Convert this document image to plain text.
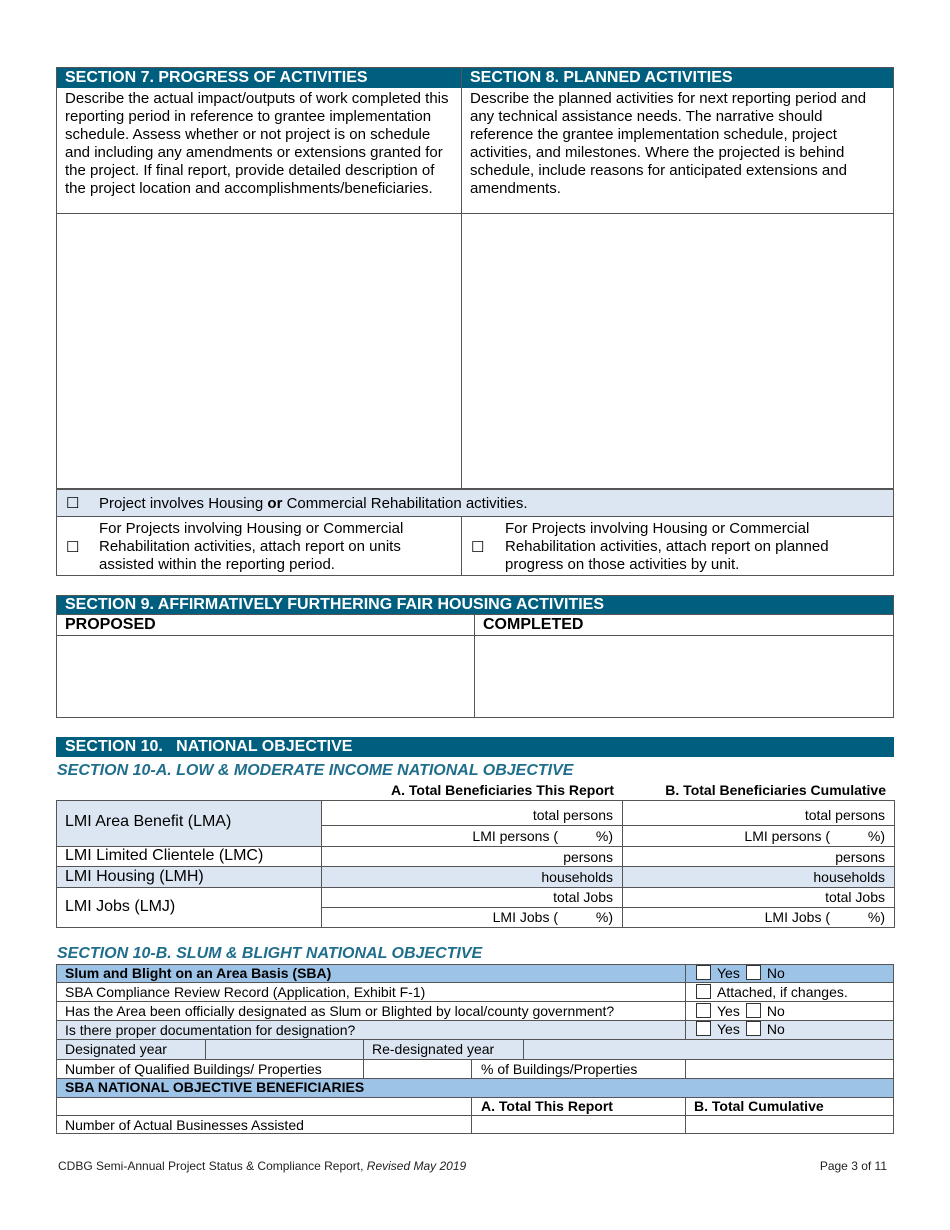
SECTION 7. PROGRESS OF ACTIVITIES	SECTION 8. PLANNED ACTIVITIES
Describe the actual impact/outputs of work completed this reporting period in reference to grantee implementation schedule. Assess whether or not project is on schedule and including any amendments or extensions granted for the project. If final report, provide detailed description of the project location and accomplishments/beneficiaries.
Describe the planned activities for next reporting period and any technical assistance needs. The narrative should reference the grantee implementation schedule, project activities, and milestones. Where the projected is behind schedule, include reasons for anticipated extensions and amendments.
☐ Project involves Housing or Commercial Rehabilitation activities.
☐
For Projects involving Housing or Commercial Rehabilitation activities, attach report on units assisted within the reporting period.
☐
For Projects involving Housing or Commercial Rehabilitation activities, attach report on planned progress on those activities by unit.
SECTION 9. AFFIRMATIVELY FURTHERING FAIR HOUSING ACTIVITIES
PROPOSED	COMPLETED
SECTION 10.   NATIONAL OBJECTIVE
SECTION 10-A. LOW & MODERATE INCOME NATIONAL OBJECTIVE
A. Total Beneficiaries This Report	B. Total Beneficiaries Cumulative
LMI Area Benefit (LMA)	total persons	total persons
LMI persons (	%)	LMI persons (	%)
LMI Limited Clientele (LMC)	persons	persons
LMI Housing (LMH)	households	households
LMI Jobs (LMJ)
total Jobs	total Jobs
LMI Jobs (	%)	LMI Jobs (	%)
SECTION 10-B. SLUM & BLIGHT NATIONAL OBJECTIVE
Slum and Blight on an Area Basis (SBA)	Yes No
SBA Compliance Review Record (Application, Exhibit F-1)	Attached, if changes.
Has the Area been officially designated as Slum or Blighted by local/county government?	Yes No
Is there proper documentation for designation?	Yes No
Designated year	Re-designated year
Number of Qualified Buildings/ Properties	% of Buildings/Properties
SBA NATIONAL OBJECTIVE BENEFICIARIES
A. Total This Report	B. Total Cumulative
Number of Actual Businesses Assisted
CDBG Semi-Annual Project Status & Compliance Report, Revised May 2019	Page 3 of 11
